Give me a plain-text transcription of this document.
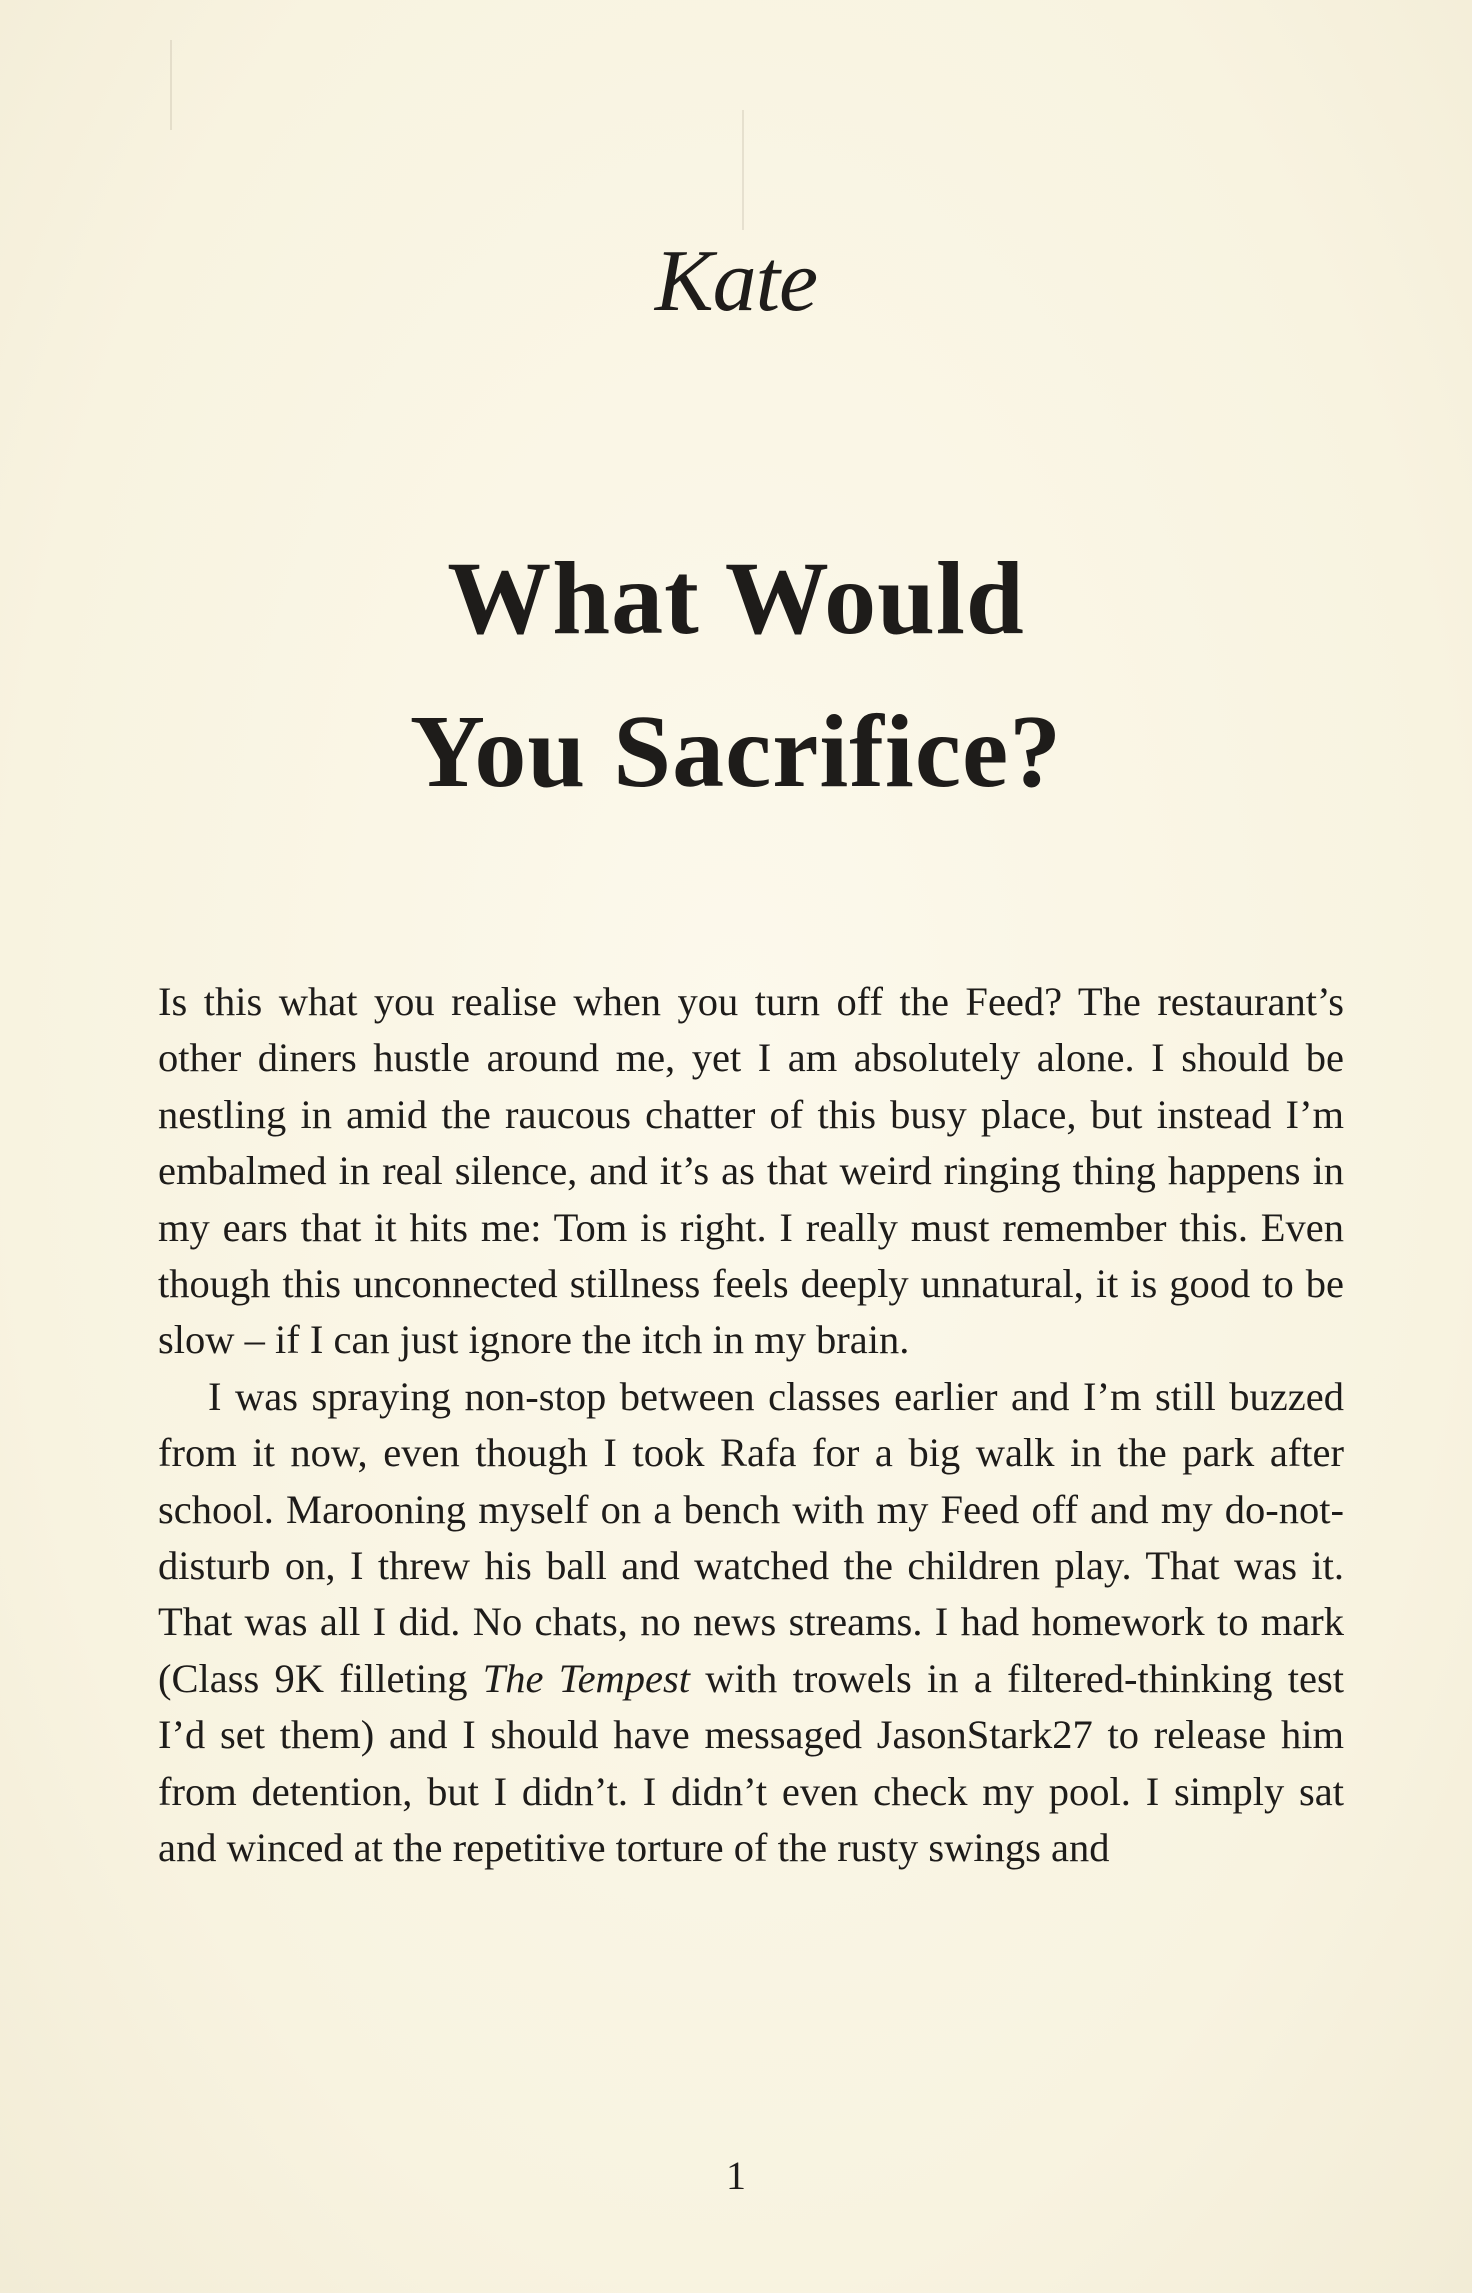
Kate
What Would
You Sacrifice?

Is this what you realise when you turn off the Feed? The restaurant’s other diners hustle around me, yet I am absolutely alone. I should be nestling in amid the raucous chatter of this busy place, but instead I’m embalmed in real silence, and it’s as that weird ringing thing happens in my ears that it hits me: Tom is right. I really must remember this. Even though this unconnected stillness feels deeply unnatural, it is good to be slow – if I can just ignore the itch in my brain.

I was spraying non-stop between classes earlier and I’m still buzzed from it now, even though I took Rafa for a big walk in the park after school. Marooning myself on a bench with my Feed off and my do-not-disturb on, I threw his ball and watched the children play. That was it. That was all I did. No chats, no news streams. I had homework to mark (Class 9K filleting The Tempest with trowels in a filtered-thinking test I’d set them) and I should have messaged JasonStark27 to release him from detention, but I didn’t. I didn’t even check my pool. I simply sat and winced at the repetitive torture of the rusty swings and

1
